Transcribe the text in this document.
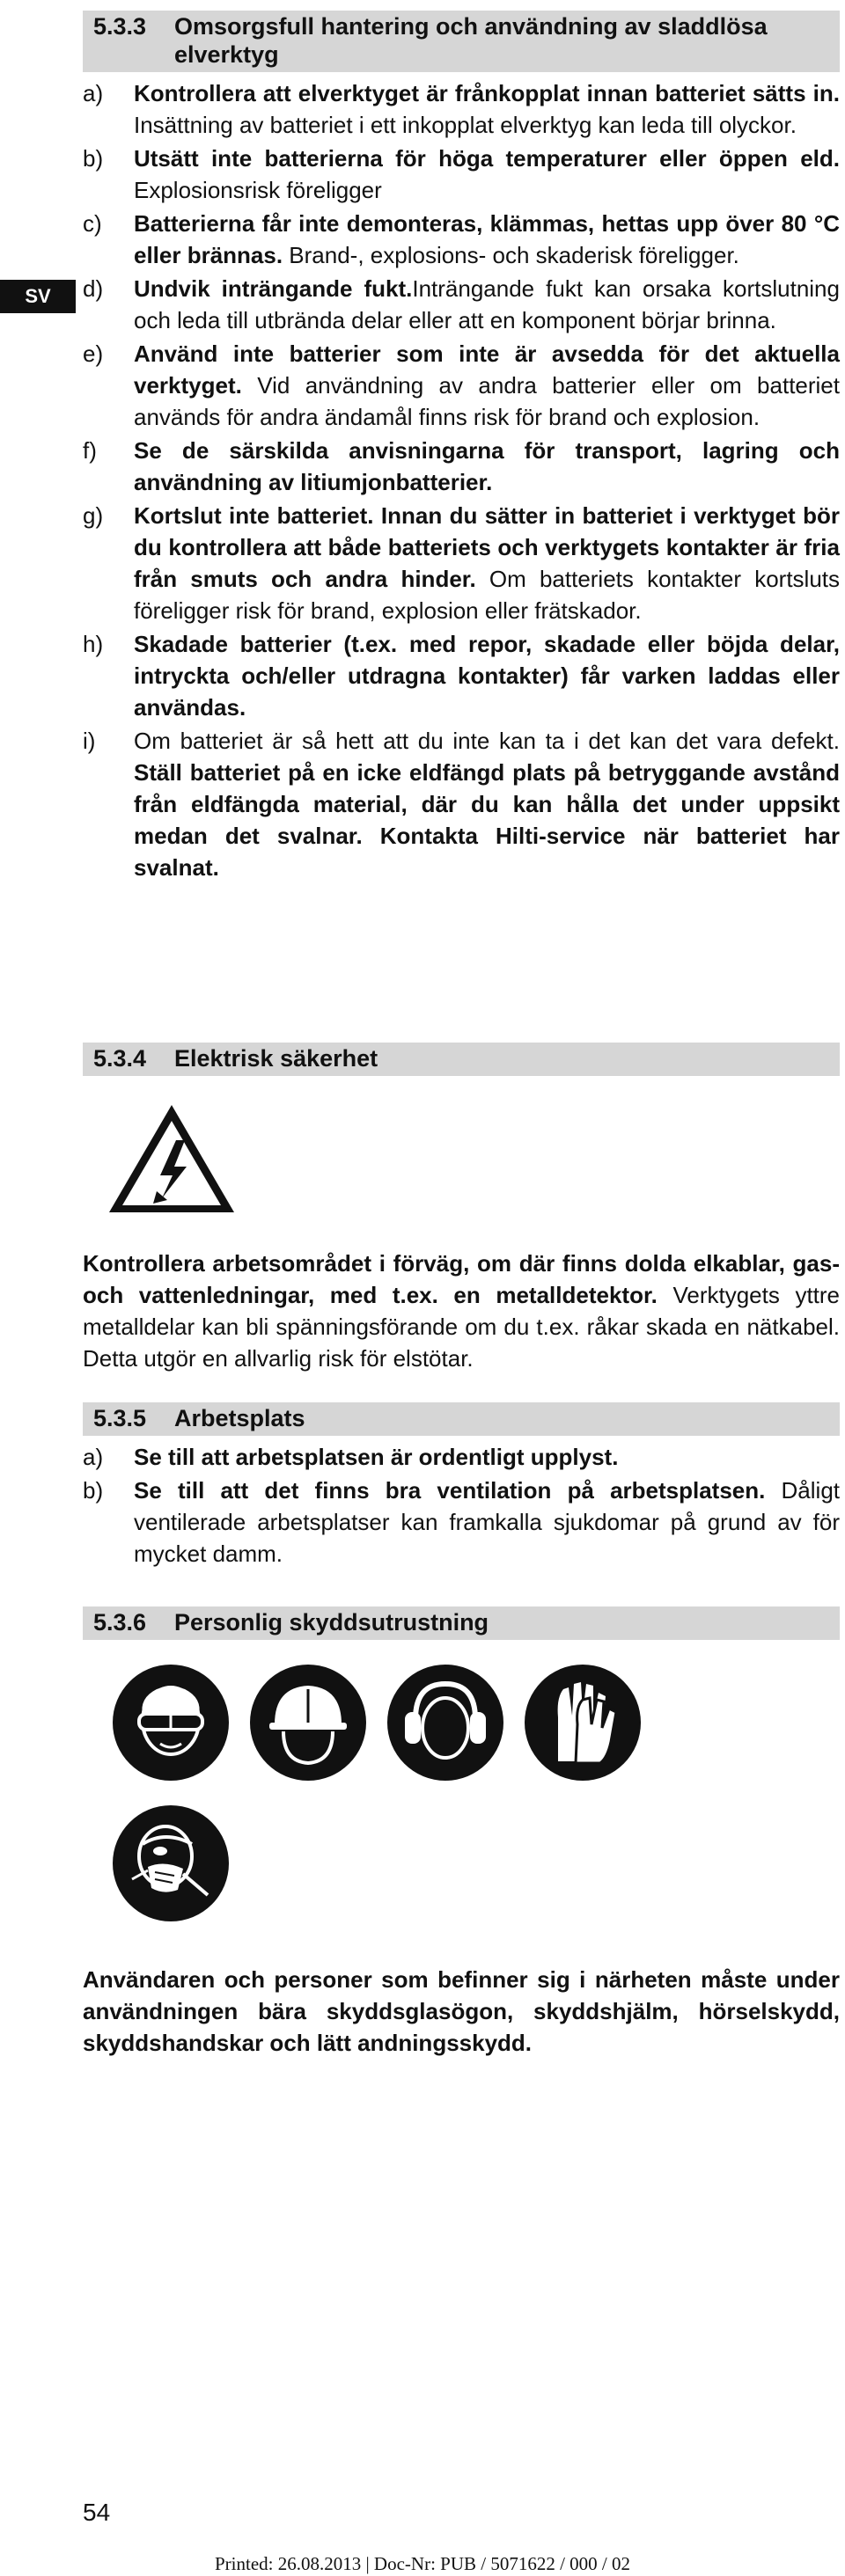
SV
5.3.3	Omsorgsfull hantering och användning av sladdlösa elverktyg
a) Kontrollera att elverktyget är frånkopplat innan batteriet sätts in. Insättning av batteriet i ett inkopplat elverktyg kan leda till olyckor.
b) Utsätt inte batterierna för höga temperaturer eller öppen eld. Explosionsrisk föreligger
c) Batterierna får inte demonteras, klämmas, hettas upp över 80 °C eller brännas. Brand-, explosions- och skaderisk föreligger.
d) Undvik inträngande fukt.Inträngande fukt kan orsaka kortslutning och leda till utbrända delar eller att en komponent börjar brinna.
e) Använd inte batterier som inte är avsedda för det aktuella verktyget. Vid användning av andra batterier eller om batteriet används för andra ändamål finns risk för brand och explosion.
f) Se de särskilda anvisningarna för transport, lagring och användning av litiumjonbatterier.
g) Kortslut inte batteriet. Innan du sätter in batteriet i verktyget bör du kontrollera att både batteriets och verktygets kontakter är fria från smuts och andra hinder. Om batteriets kontakter kortsluts föreligger risk för brand, explosion eller frätskador.
h) Skadade batterier (t.ex. med repor, skadade eller böjda delar, intryckta och/eller utdragna kontakter) får varken laddas eller användas.
i) Om batteriet är så hett att du inte kan ta i det kan det vara defekt. Ställ batteriet på en icke eldfängd plats på betryggande avstånd från eldfängda material, där du kan hålla det under uppsikt medan det svalnar. Kontakta Hilti-service när batteriet har svalnat.
5.3.4 Elektrisk säkerhet
Kontrollera arbetsområdet i förväg, om där finns dolda elkablar, gas- och vattenledningar, med t.ex. en metalldetektor. Verktygets yttre metalldelar kan bli spänningsförande om du t.ex. råkar skada en nätkabel. Detta utgör en allvarlig risk för elstötar.
5.3.5 Arbetsplats
a) Se till att arbetsplatsen är ordentligt upplyst.
b) Se till att det finns bra ventilation på arbetsplatsen. Dåligt ventilerade arbetsplatser kan framkalla sjukdomar på grund av för mycket damm.
5.3.6 Personlig skyddsutrustning
Användaren och personer som befinner sig i närheten måste under användningen bära skyddsglasögon, skyddshjälm, hörselskydd, skyddshandskar och lätt andningsskydd.
54
Printed: 26.08.2013 | Doc-Nr: PUB / 5071622 / 000 / 02
